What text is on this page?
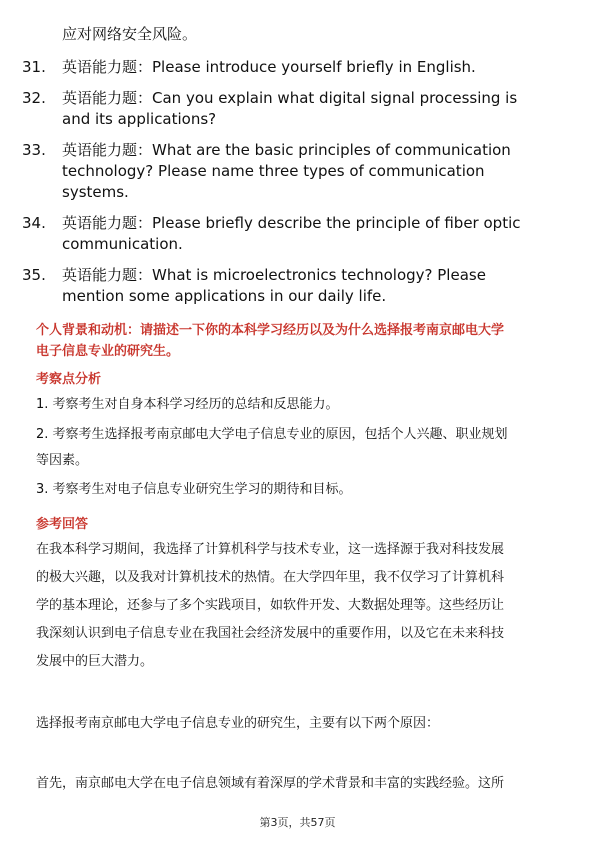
应对网络安全风险。
31.	英语能力题：Please introduce yourself briefly in English.
32.	英语能力题：Can you explain what digital signal processing is
and its applications?
33.	英语能力题：What are the basic principles of communication
technology? Please name three types of communication
systems.
34.	英语能力题：Please briefly describe the principle of fiber optic
communication.
35.	英语能力题：What is microelectronics technology? Please
mention some applications in our daily life.
个人背景和动机：请描述一下你的本科学习经历以及为什么选择报考南京邮电大学
电子信息专业的研究生。
考察点分析
1. 考察考生对自身本科学习经历的总结和反思能力。
2. 考察考生选择报考南京邮电大学电子信息专业的原因，包括个人兴趣、职业规划
等因素。
3. 考察考生对电子信息专业研究生学习的期待和目标。
参考回答
在我本科学习期间，我选择了计算机科学与技术专业，这一选择源于我对科技发展
的极大兴趣，以及我对计算机技术的热情。在大学四年里，我不仅学习了计算机科
学的基本理论，还参与了多个实践项目，如软件开发、大数据处理等。这些经历让
我深刻认识到电子信息专业在我国社会经济发展中的重要作用，以及它在未来科技
发展中的巨大潜力。
选择报考南京邮电大学电子信息专业的研究生，主要有以下两个原因：
首先，南京邮电大学在电子信息领域有着深厚的学术背景和丰富的实践经验。这所
第3页，共57页
